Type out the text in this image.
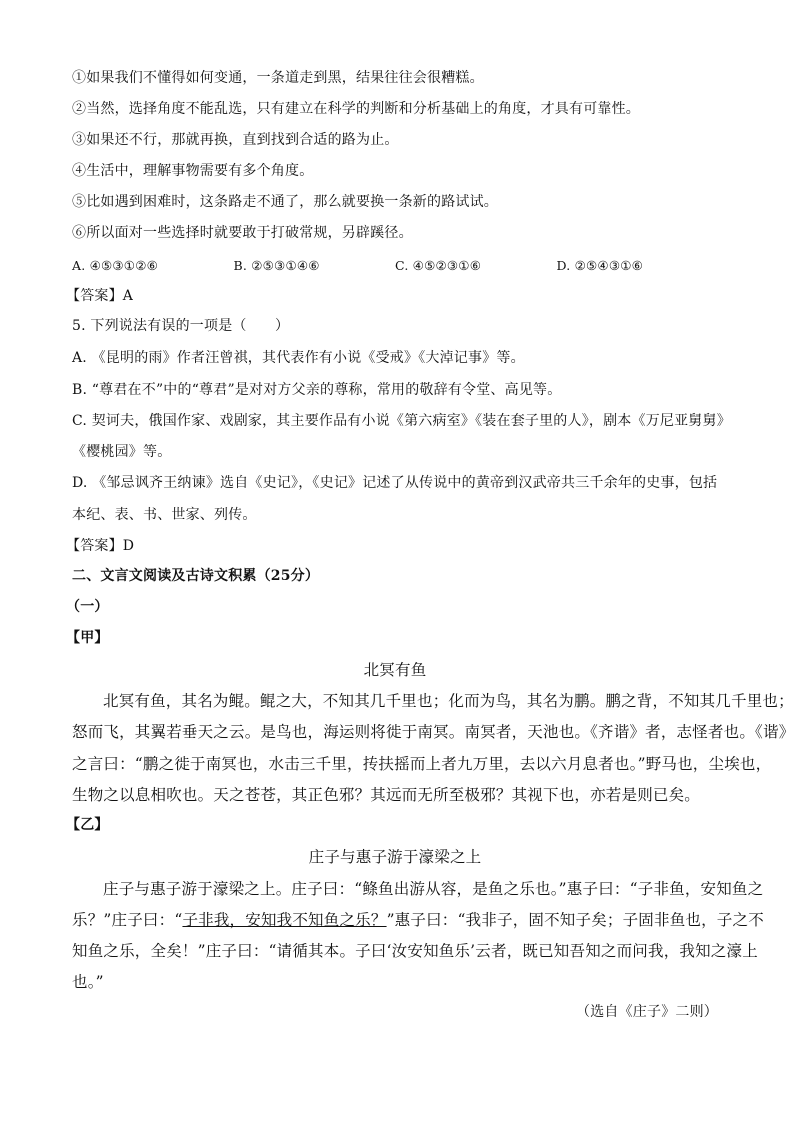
①如果我们不懂得如何变通，一条道走到黑，结果往往会很糟糕。
②当然，选择角度不能乱选，只有建立在科学的判断和分析基础上的角度，才具有可靠性。
③如果还不行，那就再换，直到找到合适的路为止。
④生活中，理解事物需要有多个角度。
⑤比如遇到困难时，这条路走不通了，那么就要换一条新的路试试。
⑥所以面对一些选择时就要敢于打破常规，另辟蹊径。
A. ④⑤③①②⑥	B. ②⑤③①④⑥	C. ④⑤②③①⑥	D. ②⑤④③①⑥
【答案】A
5. 下列说法有误的一项是（　　）
A. 《昆明的雨》作者汪曾祺，其代表作有小说《受戒》《大淖记事》等。
B. “尊君在不”中的“尊君”是对对方父亲的尊称，常用的敬辞有令堂、高见等。
C. 契诃夫，俄国作家、戏剧家，其主要作品有小说《第六病室》《装在套子里的人》，剧本《万尼亚舅舅》
《樱桃园》等。
D. 《邹忌讽齐王纳谏》选自《史记》，《史记》记述了从传说中的黄帝到汉武帝共三千余年的史事，包括
本纪、表、书、世家、列传。
【答案】D
二、文言文阅读及古诗文积累（25分）
（一）
【甲】
北冥有鱼
北冥有鱼，其名为鲲。鲲之大，不知其几千里也；化而为鸟，其名为鹏。鹏之背，不知其几千里也；
怒而飞，其翼若垂天之云。是鸟也，海运则将徙于南冥。南冥者，天池也。《齐谐》者，志怪者也。《谐》
之言曰：“鹏之徙于南冥也，水击三千里，抟扶摇而上者九万里，去以六月息者也。”野马也，尘埃也，
生物之以息相吹也。天之苍苍，其正色邪？其远而无所至极邪？其视下也，亦若是则已矣。
【乙】
庄子与惠子游于濠梁之上
庄子与惠子游于濠梁之上。庄子曰：“鲦鱼出游从容，是鱼之乐也。”惠子曰：“子非鱼，安知鱼之
乐？”庄子曰：“子非我，安知我不知鱼之乐？”惠子曰：“我非子，固不知子矣；子固非鱼也，子之不
知鱼之乐，全矣！”庄子曰：“请循其本。子曰‘汝安知鱼乐’云者，既已知吾知之而问我，我知之濠上
也。”
（选自《庄子》二则）
